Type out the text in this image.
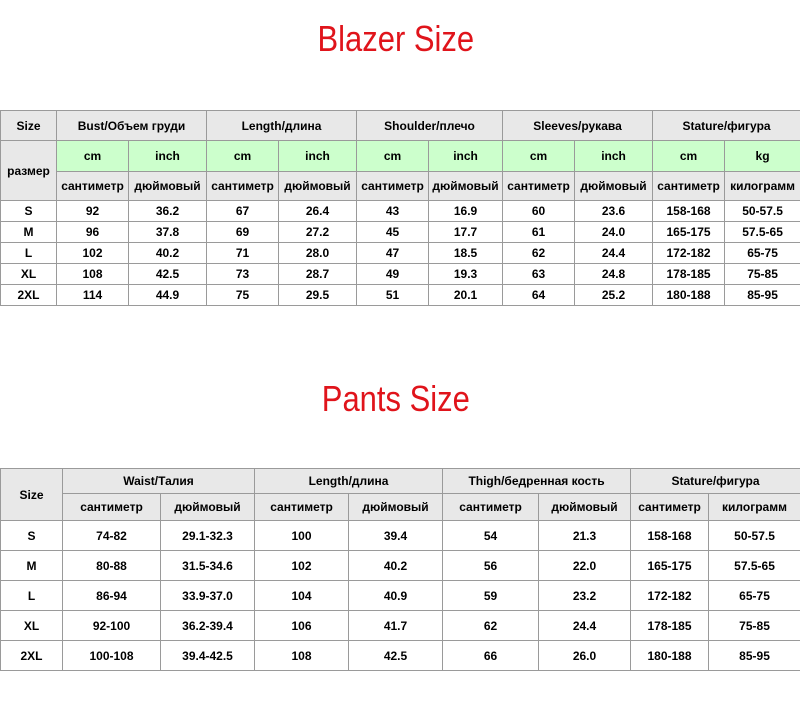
Blazer Size
Size	Bust/Объем груди		Length/длина		Shoulder/плечо		Sleeves/рукава		Stature/фигура	
размер	cm	inch	cm	inch	cm	inch	cm	inch	cm	kg
	сантиметр	дюймовый	сантиметр	дюймовый	сантиметр	дюймовый	сантиметр	дюймовый	сантиметр	килограмм
S	92	36.2	67	26.4	43	16.9	60	23.6	158-168	50-57.5
M	96	37.8	69	27.2	45	17.7	61	24.0	165-175	57.5-65
L	102	40.2	71	28.0	47	18.5	62	24.4	172-182	65-75
XL	108	42.5	73	28.7	49	19.3	63	24.8	178-185	75-85
2XL	114	44.9	75	29.5	51	20.1	64	25.2	180-188	85-95
Pants Size
Size	Waist/Талия		Length/длина		Thigh/бедренная кость		Stature/фигура	
	сантиметр	дюймовый	сантиметр	дюймовый	сантиметр	дюймовый	сантиметр	килограмм
S	74-82	29.1-32.3	100	39.4	54	21.3	158-168	50-57.5
M	80-88	31.5-34.6	102	40.2	56	22.0	165-175	57.5-65
L	86-94	33.9-37.0	104	40.9	59	23.2	172-182	65-75
XL	92-100	36.2-39.4	106	41.7	62	24.4	178-185	75-85
2XL	100-108	39.4-42.5	108	42.5	66	26.0	180-188	85-95
